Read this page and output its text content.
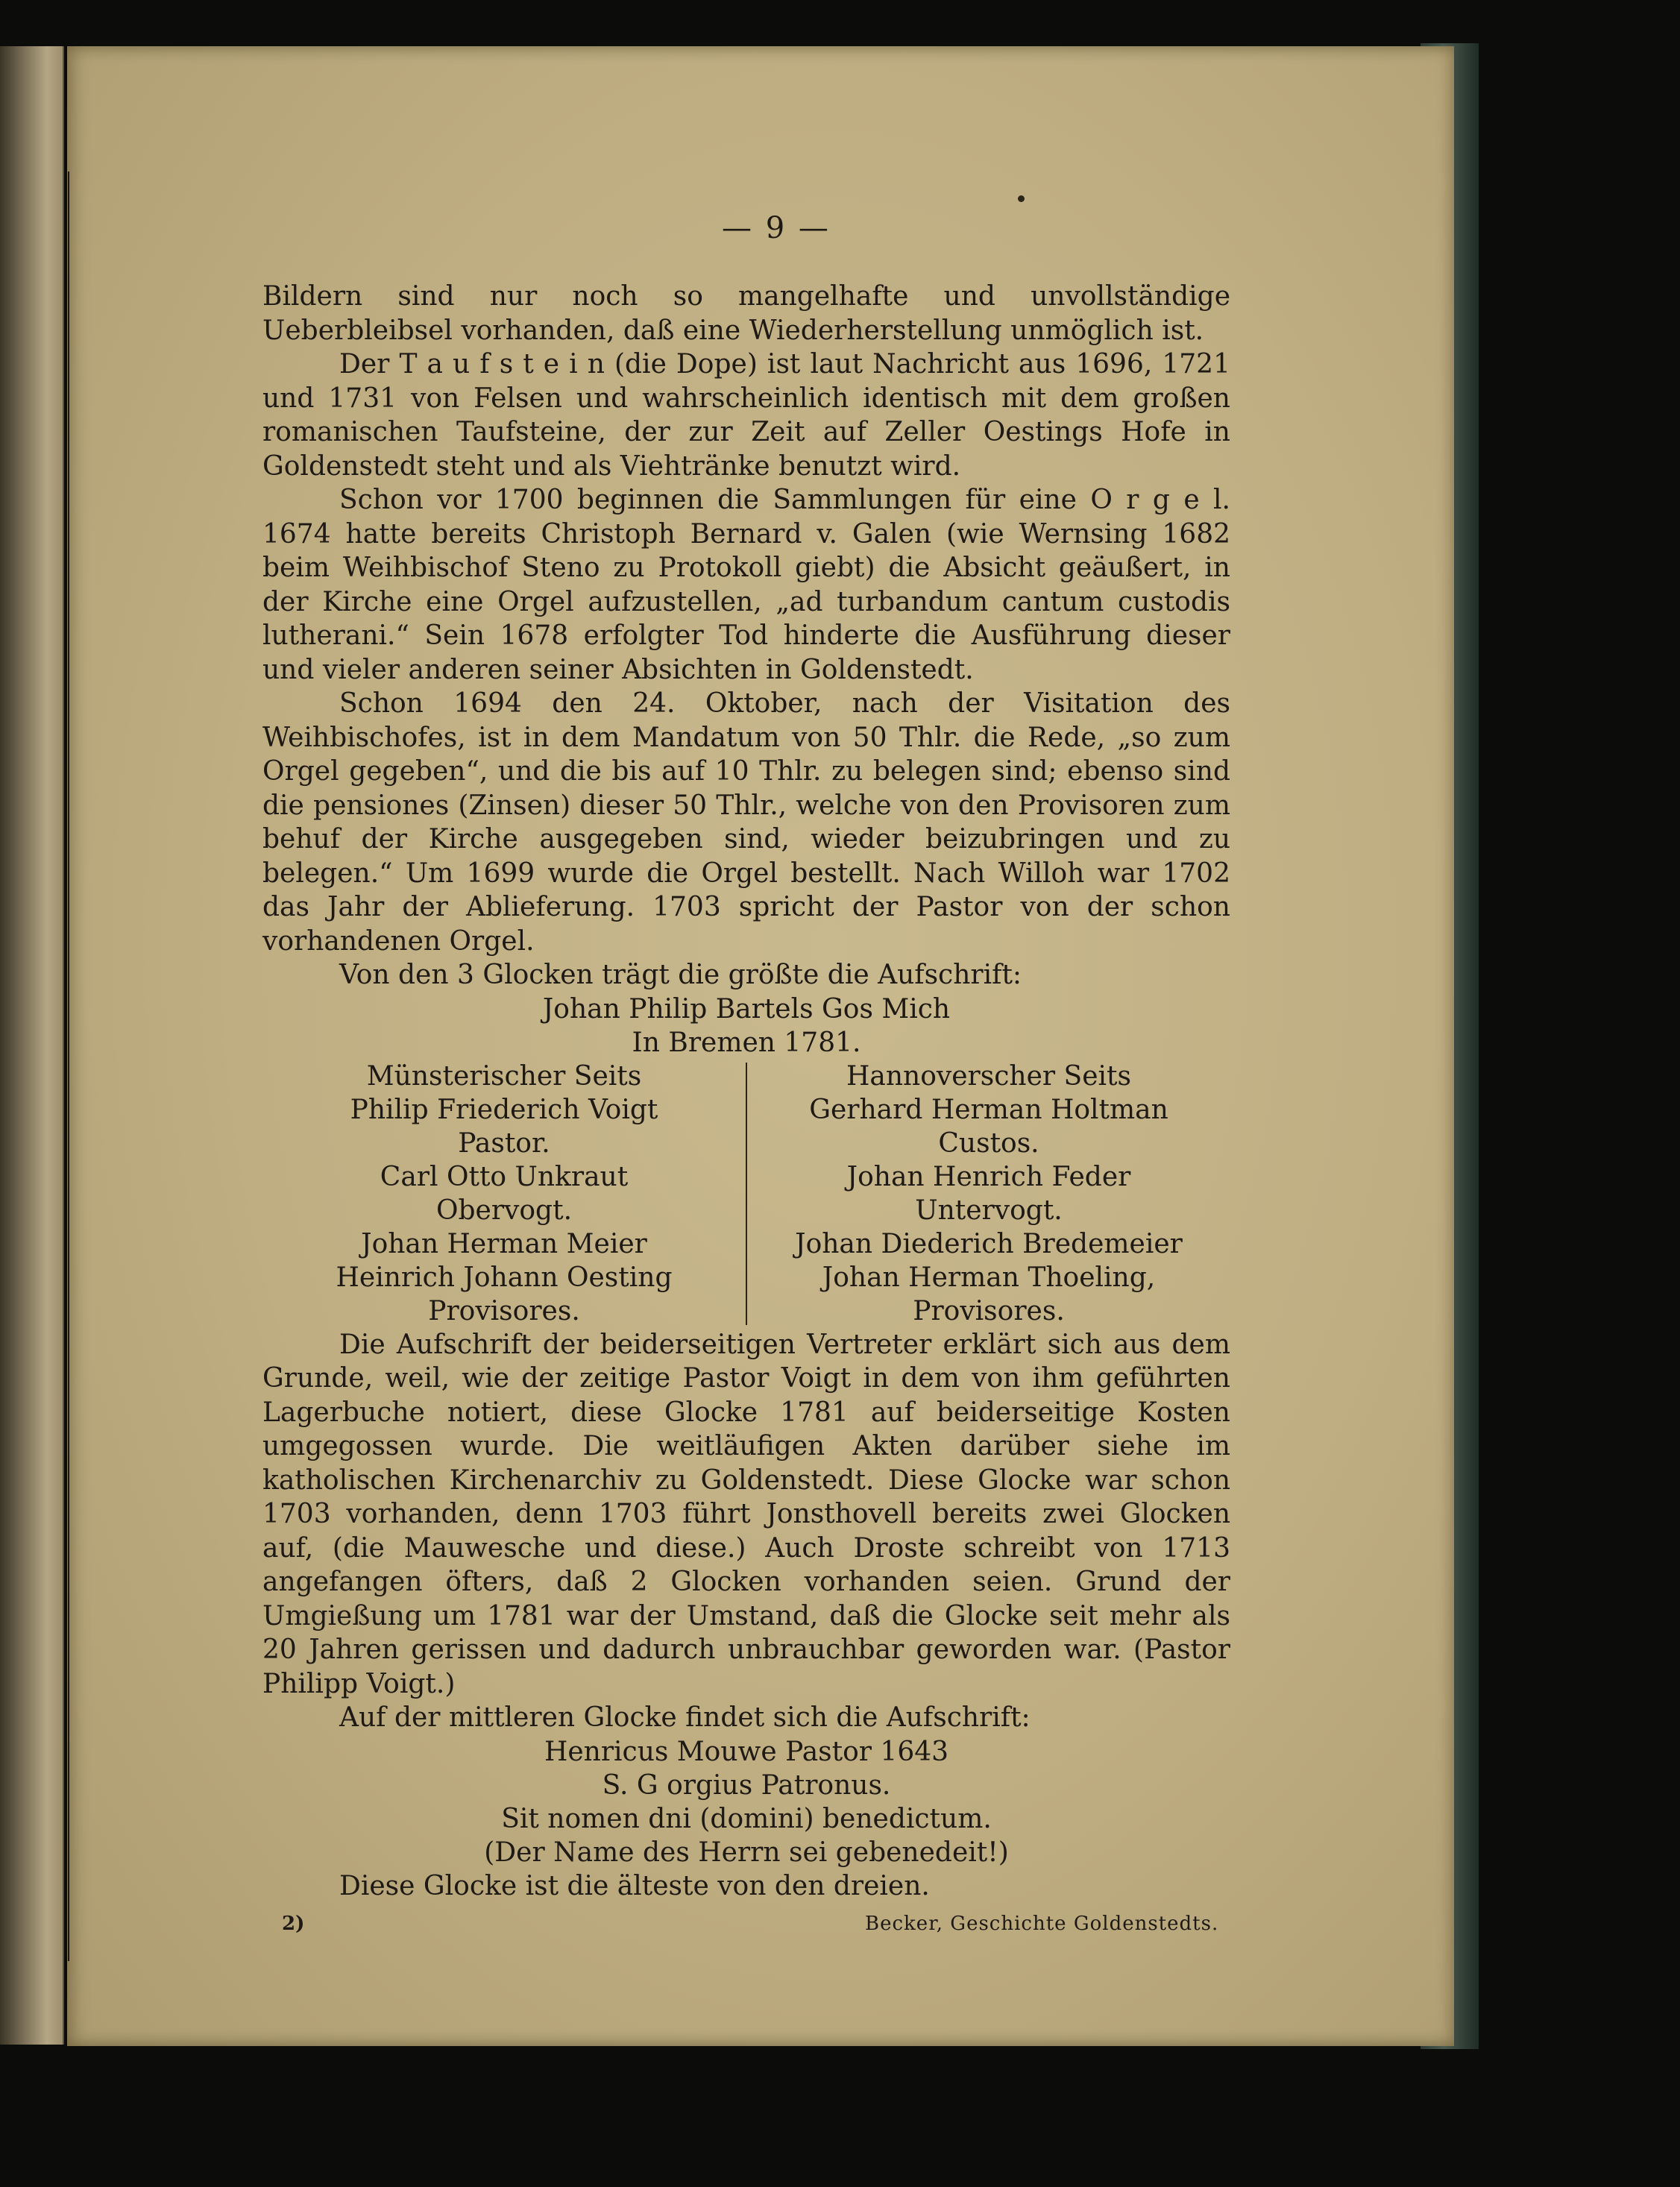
— 9 —

Bildern sind nur noch so mangelhafte und unvollständige Ueberbleibsel vorhanden, daß eine Wiederherstellung unmöglich ist.

Der T a u f s t e i n (die Dope) ist laut Nachricht aus 1696, 1721 und 1731 von Felsen und wahrscheinlich identisch mit dem großen romanischen Taufsteine, der zur Zeit auf Zeller Oestings Hofe in Goldenstedt steht und als Viehtränke benutzt wird.

Schon vor 1700 beginnen die Sammlungen für eine O r g e l. 1674 hatte bereits Christoph Bernard v. Galen (wie Wernsing 1682 beim Weihbischof Steno zu Protokoll giebt) die Absicht geäußert, in der Kirche eine Orgel aufzustellen, „ad turbandum cantum custodis lutherani.“ Sein 1678 erfolgter Tod hinderte die Ausführung dieser und vieler anderen seiner Absichten in Goldenstedt.

Schon 1694 den 24. Oktober, nach der Visitation des Weihbischofes, ist in dem Mandatum von 50 Thlr. die Rede, „so zum Orgel gegeben“, und die bis auf 10 Thlr. zu belegen sind; ebenso sind die pensiones (Zinsen) dieser 50 Thlr., welche von den Provisoren zum behuf der Kirche ausgegeben sind, wieder beizubringen und zu belegen.“ Um 1699 wurde die Orgel bestellt. Nach Willoh war 1702 das Jahr der Ablieferung. 1703 spricht der Pastor von der schon vorhandenen Orgel.

Von den 3 Glocken trägt die größte die Aufschrift:

Johan Philip Bartels Gos Mich
In Bremen 1781.
Münsterischer Seits
Philip Friederich Voigt
Pastor.
Carl Otto Unkraut
Obervogt.
Johan Herman Meier
Heinrich Johann Oesting
Provisores.
Hannoverscher Seits
Gerhard Herman Holtman
Custos.
Johan Henrich Feder
Untervogt.
Johan Diederich Bredemeier
Johan Herman Thoeling,
Provisores.

Die Aufschrift der beiderseitigen Vertreter erklärt sich aus dem Grunde, weil, wie der zeitige Pastor Voigt in dem von ihm geführten Lagerbuche notiert, diese Glocke 1781 auf beiderseitige Kosten umgegossen wurde. Die weitläufigen Akten darüber siehe im katholischen Kirchenarchiv zu Goldenstedt. Diese Glocke war schon 1703 vorhanden, denn 1703 führt Jonsthovell bereits zwei Glocken auf, (die Mauwesche und diese.) Auch Droste schreibt von 1713 angefangen öfters, daß 2 Glocken vorhanden seien. Grund der Umgießung um 1781 war der Umstand, daß die Glocke seit mehr als 20 Jahren gerissen und dadurch unbrauchbar geworden war. (Pastor Philipp Voigt.)

Auf der mittleren Glocke findet sich die Aufschrift:

Henricus Mouwe Pastor 1643
S. G orgius Patronus.
Sit nomen dni (domini) benedictum.
(Der Name des Herrn sei gebenedeit!)

Diese Glocke ist die älteste von den dreien.

2)	Becker, Geschichte Goldenstedts.
